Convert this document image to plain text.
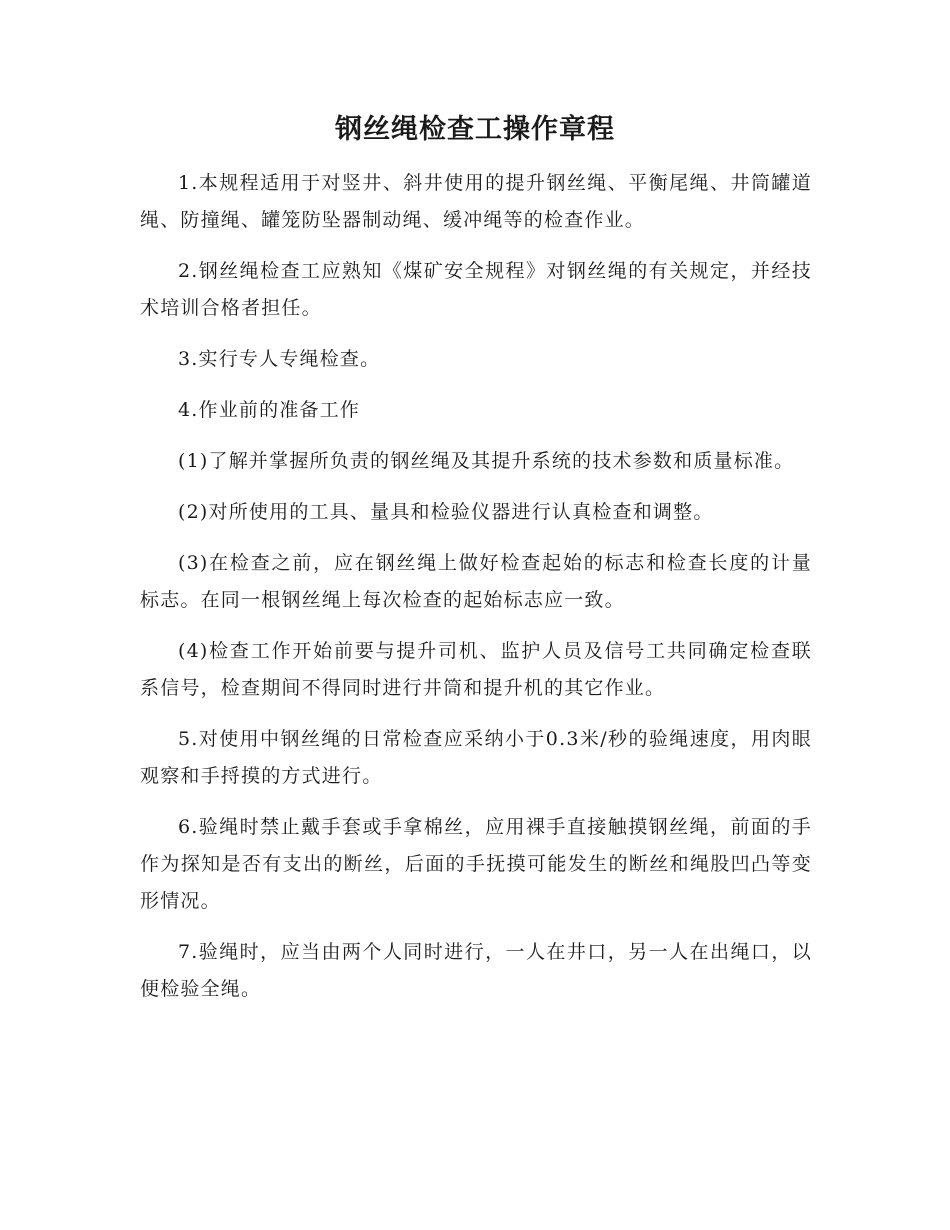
钢丝绳检查工操作章程

1.本规程适用于对竖井、斜井使用的提升钢丝绳、平衡尾绳、井筒罐道绳、防撞绳、罐笼防坠器制动绳、缓冲绳等的检查作业。

2.钢丝绳检查工应熟知《煤矿安全规程》对钢丝绳的有关规定，并经技术培训合格者担任。

3.实行专人专绳检查。

4.作业前的准备工作

(1)了解并掌握所负责的钢丝绳及其提升系统的技术参数和质量标准。

(2)对所使用的工具、量具和检验仪器进行认真检查和调整。

(3)在检查之前，应在钢丝绳上做好检查起始的标志和检查长度的计量标志。在同一根钢丝绳上每次检查的起始标志应一致。

(4)检查工作开始前要与提升司机、监护人员及信号工共同确定检查联系信号，检查期间不得同时进行井筒和提升机的其它作业。

5.对使用中钢丝绳的日常检查应采纳小于0.3米/秒的验绳速度，用肉眼观察和手捋摸的方式进行。

6.验绳时禁止戴手套或手拿棉丝，应用裸手直接触摸钢丝绳，前面的手作为探知是否有支出的断丝，后面的手抚摸可能发生的断丝和绳股凹凸等变形情况。

7.验绳时，应当由两个人同时进行，一人在井口，另一人在出绳口，以便检验全绳。
